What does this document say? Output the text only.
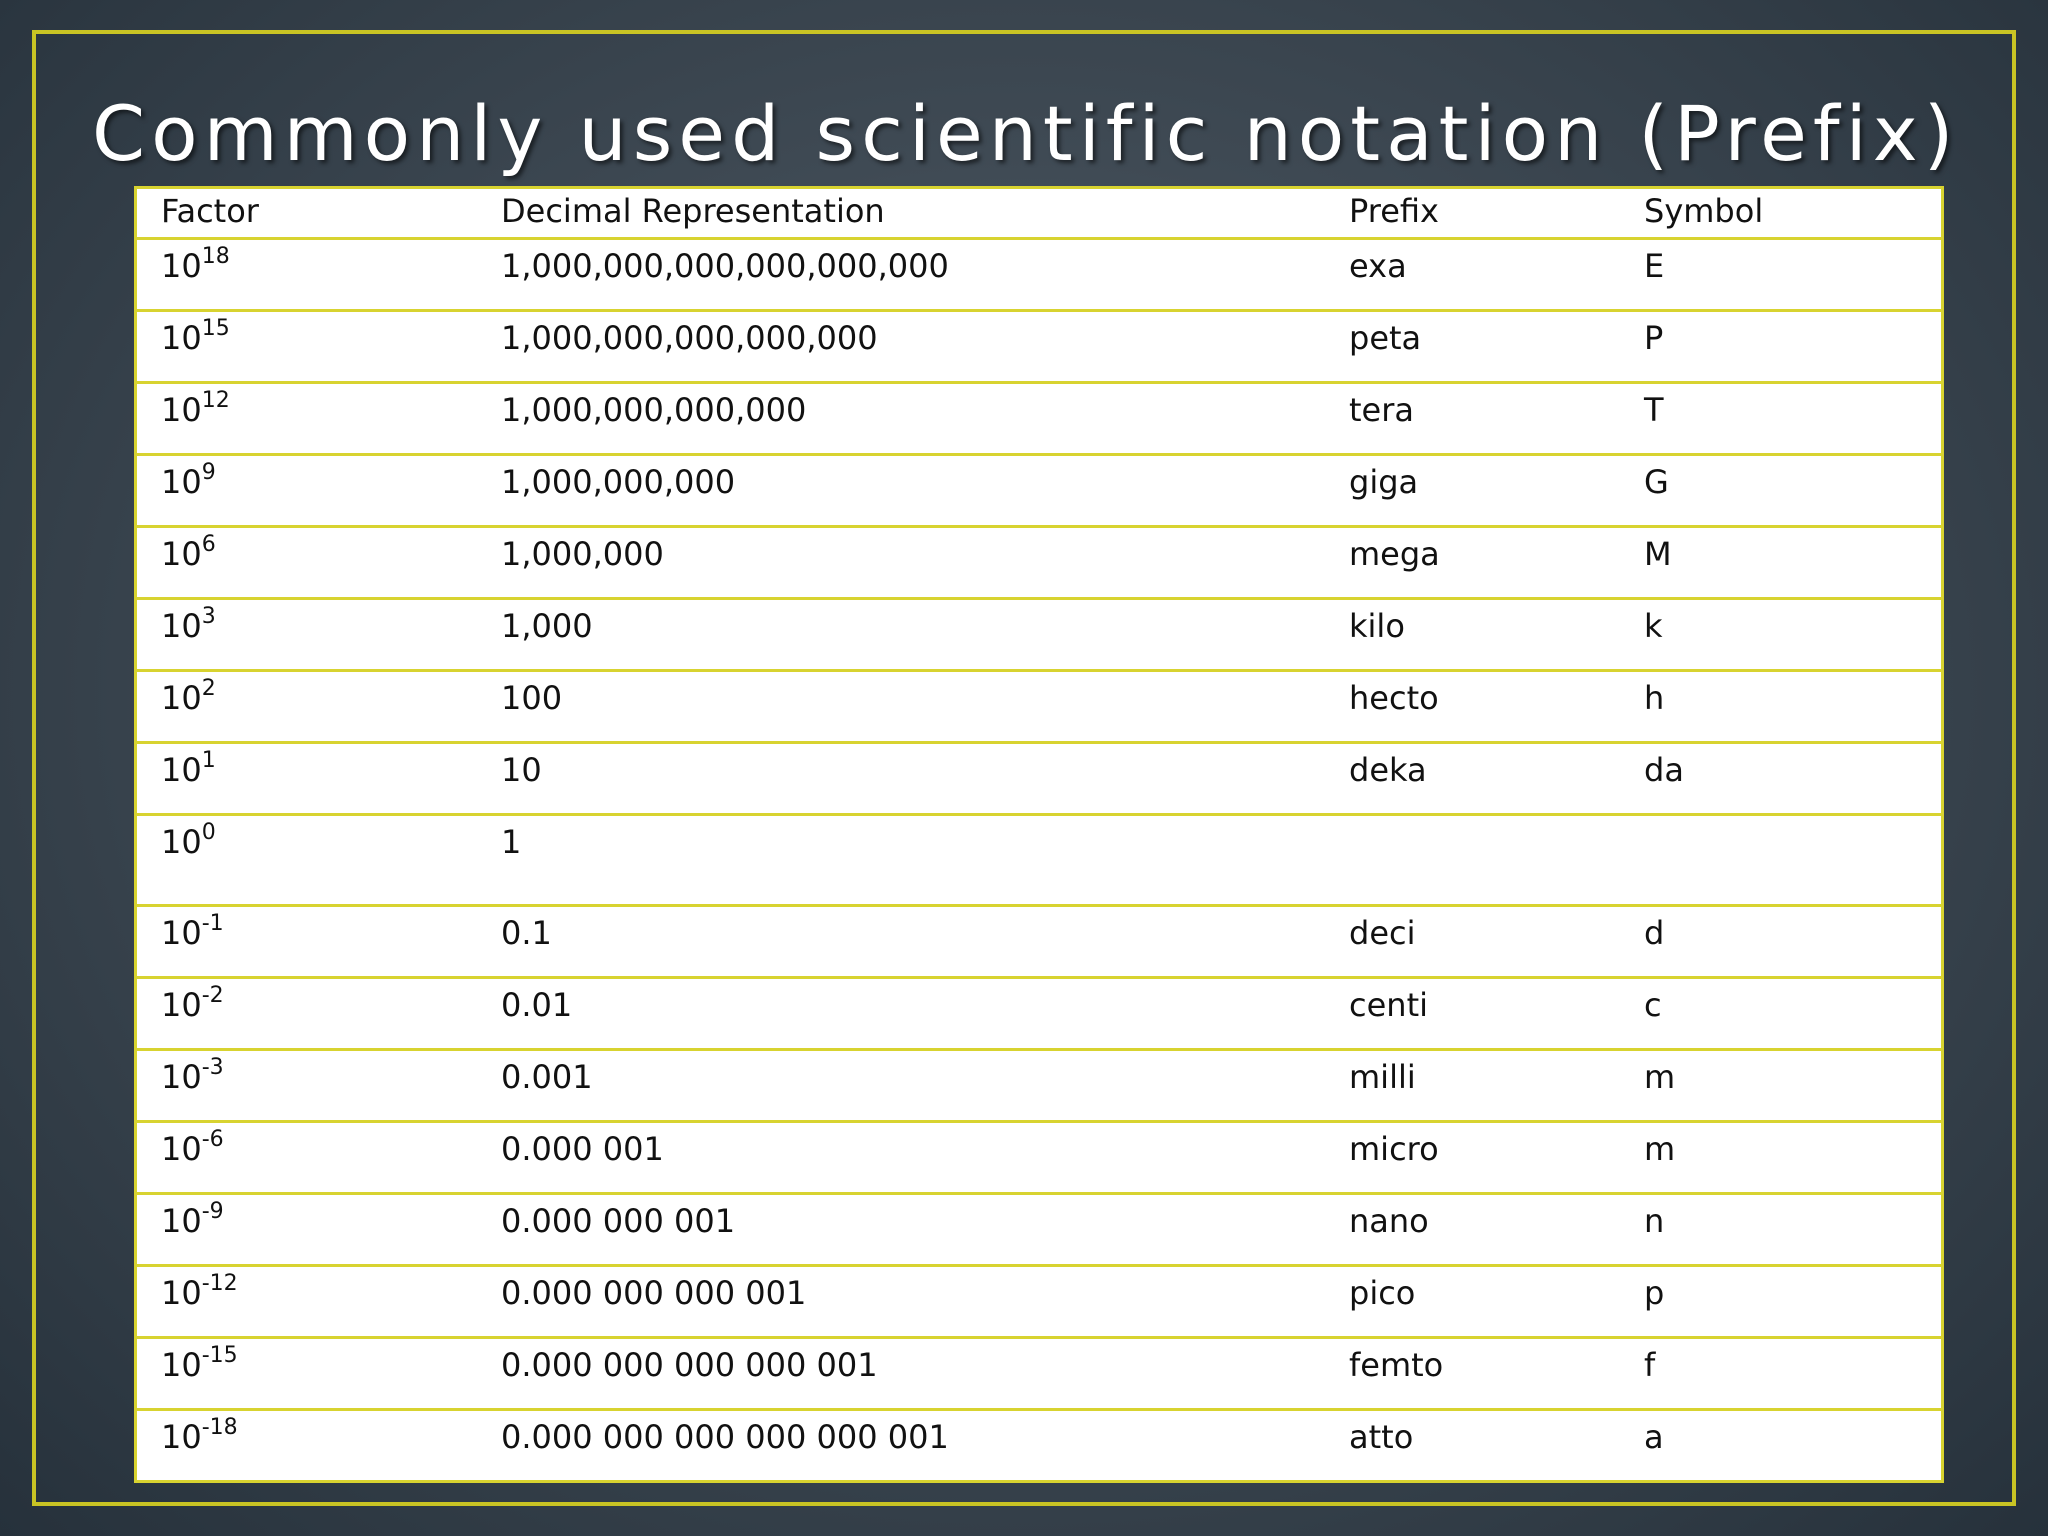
Commonly used scientific notation (Prefix)
Factor	Decimal Representation	Prefix	Symbol
$10^{18}$	1,000,000,000,000,000,000	exa	E
$10^{15}$	1,000,000,000,000,000	peta	P
$10^{12}$	1,000,000,000,000	tera	T
$10^9$	1,000,000,000	giga	G
$10^6$	1,000,000	mega	M
$10^3$	1,000	kilo	k
$10^2$	100	hecto	h
$10^1$	10	deka	da
$10^0$	1		
$10^{-1}$	0.1	deci	d
$10^{-2}$	0.01	centi	c
$10^{-3}$	0.001	milli	m
$10^{-6}$	0.000 001	micro	m
$10^{-9}$	0.000 000 001	nano	n
$10^{-12}$	0.000 000 000 001	pico	p
$10^{-15}$	0.000 000 000 000 001	femto	f
$10^{-18}$	0.000 000 000 000 000 001	atto	a
